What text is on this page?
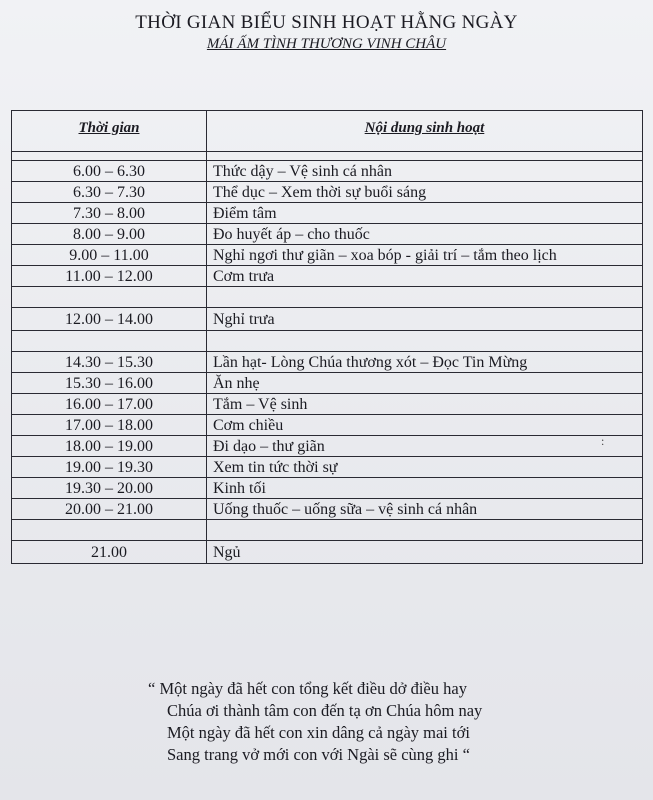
THỜI GIAN BIỂU SINH HOẠT HẰNG NGÀY
MÁI ẤM TÌNH THƯƠNG VINH CHÂU
Thời gian	Nội dung sinh hoạt

6.00 – 6.30	Thức dậy – Vệ sinh cá nhân
6.30 – 7.30	Thể dục – Xem thời sự buổi sáng
7.30 – 8.00	Điểm tâm
8.00 – 9.00	Đo huyết áp – cho thuốc
9.00 – 11.00	Nghỉ ngơi thư giãn – xoa bóp - giải trí – tắm theo lịch
11.00 – 12.00	Cơm trưa

12.00 – 14.00	Nghỉ trưa

14.30 – 15.30	Lần hạt- Lòng Chúa thương xót – Đọc Tin Mừng
15.30 – 16.00	Ăn nhẹ
16.00 – 17.00	Tắm – Vệ sinh
17.00 – 18.00	Cơm chiều
18.00 – 19.00	Đi dạo – thư giãn
19.00 – 19.30	Xem tin tức thời sự
19.30 – 20.00	Kinh tối
20.00 – 21.00	Uống thuốc – uống sữa – vệ sinh cá nhân

21.00	Ngủ
:
“ Một ngày đã hết con tổng kết điều dở điều hay
Chúa ơi thành tâm con đến tạ ơn Chúa hôm nay
Một ngày đã hết con xin dâng cả ngày mai tới
Sang trang vở mới con với Ngài sẽ cùng ghi “
